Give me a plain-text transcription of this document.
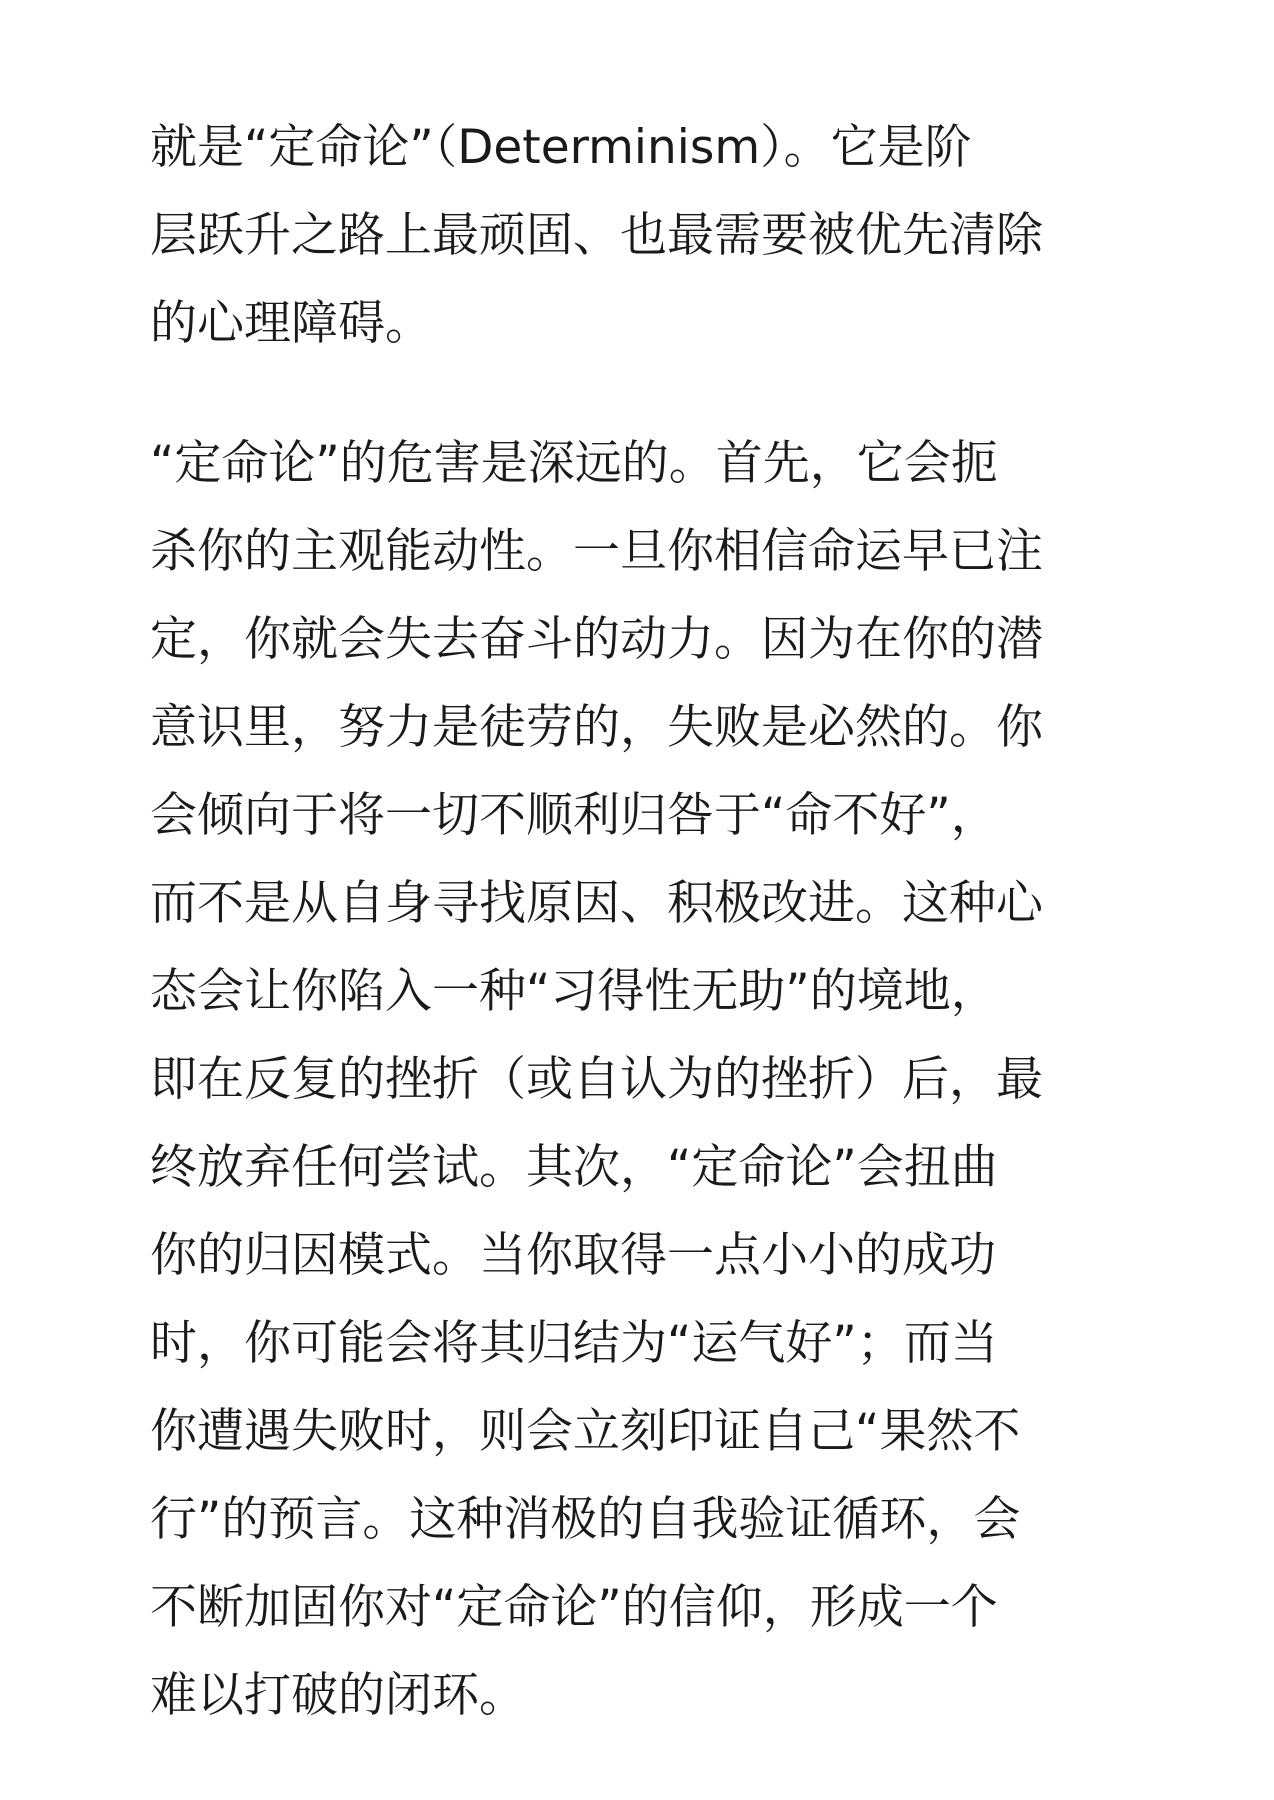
就是“定命论”（Determinism）。它是阶
层跃升之路上最顽固、也最需要被优先清除
的心理障碍。

“定命论”的危害是深远的。首先，它会扼
杀你的主观能动性。一旦你相信命运早已注
定，你就会失去奋斗的动力。因为在你的潜
意识里，努力是徒劳的，失败是必然的。你
会倾向于将一切不顺利归咎于“命不好”，
而不是从自身寻找原因、积极改进。这种心
态会让你陷入一种“习得性无助”的境地，
即在反复的挫折（或自认为的挫折）后，最
终放弃任何尝试。其次，“定命论”会扭曲
你的归因模式。当你取得一点小小的成功
时，你可能会将其归结为“运气好”；而当
你遭遇失败时，则会立刻印证自己“果然不
行”的预言。这种消极的自我验证循环，会
不断加固你对“定命论”的信仰，形成一个
难以打破的闭环。
